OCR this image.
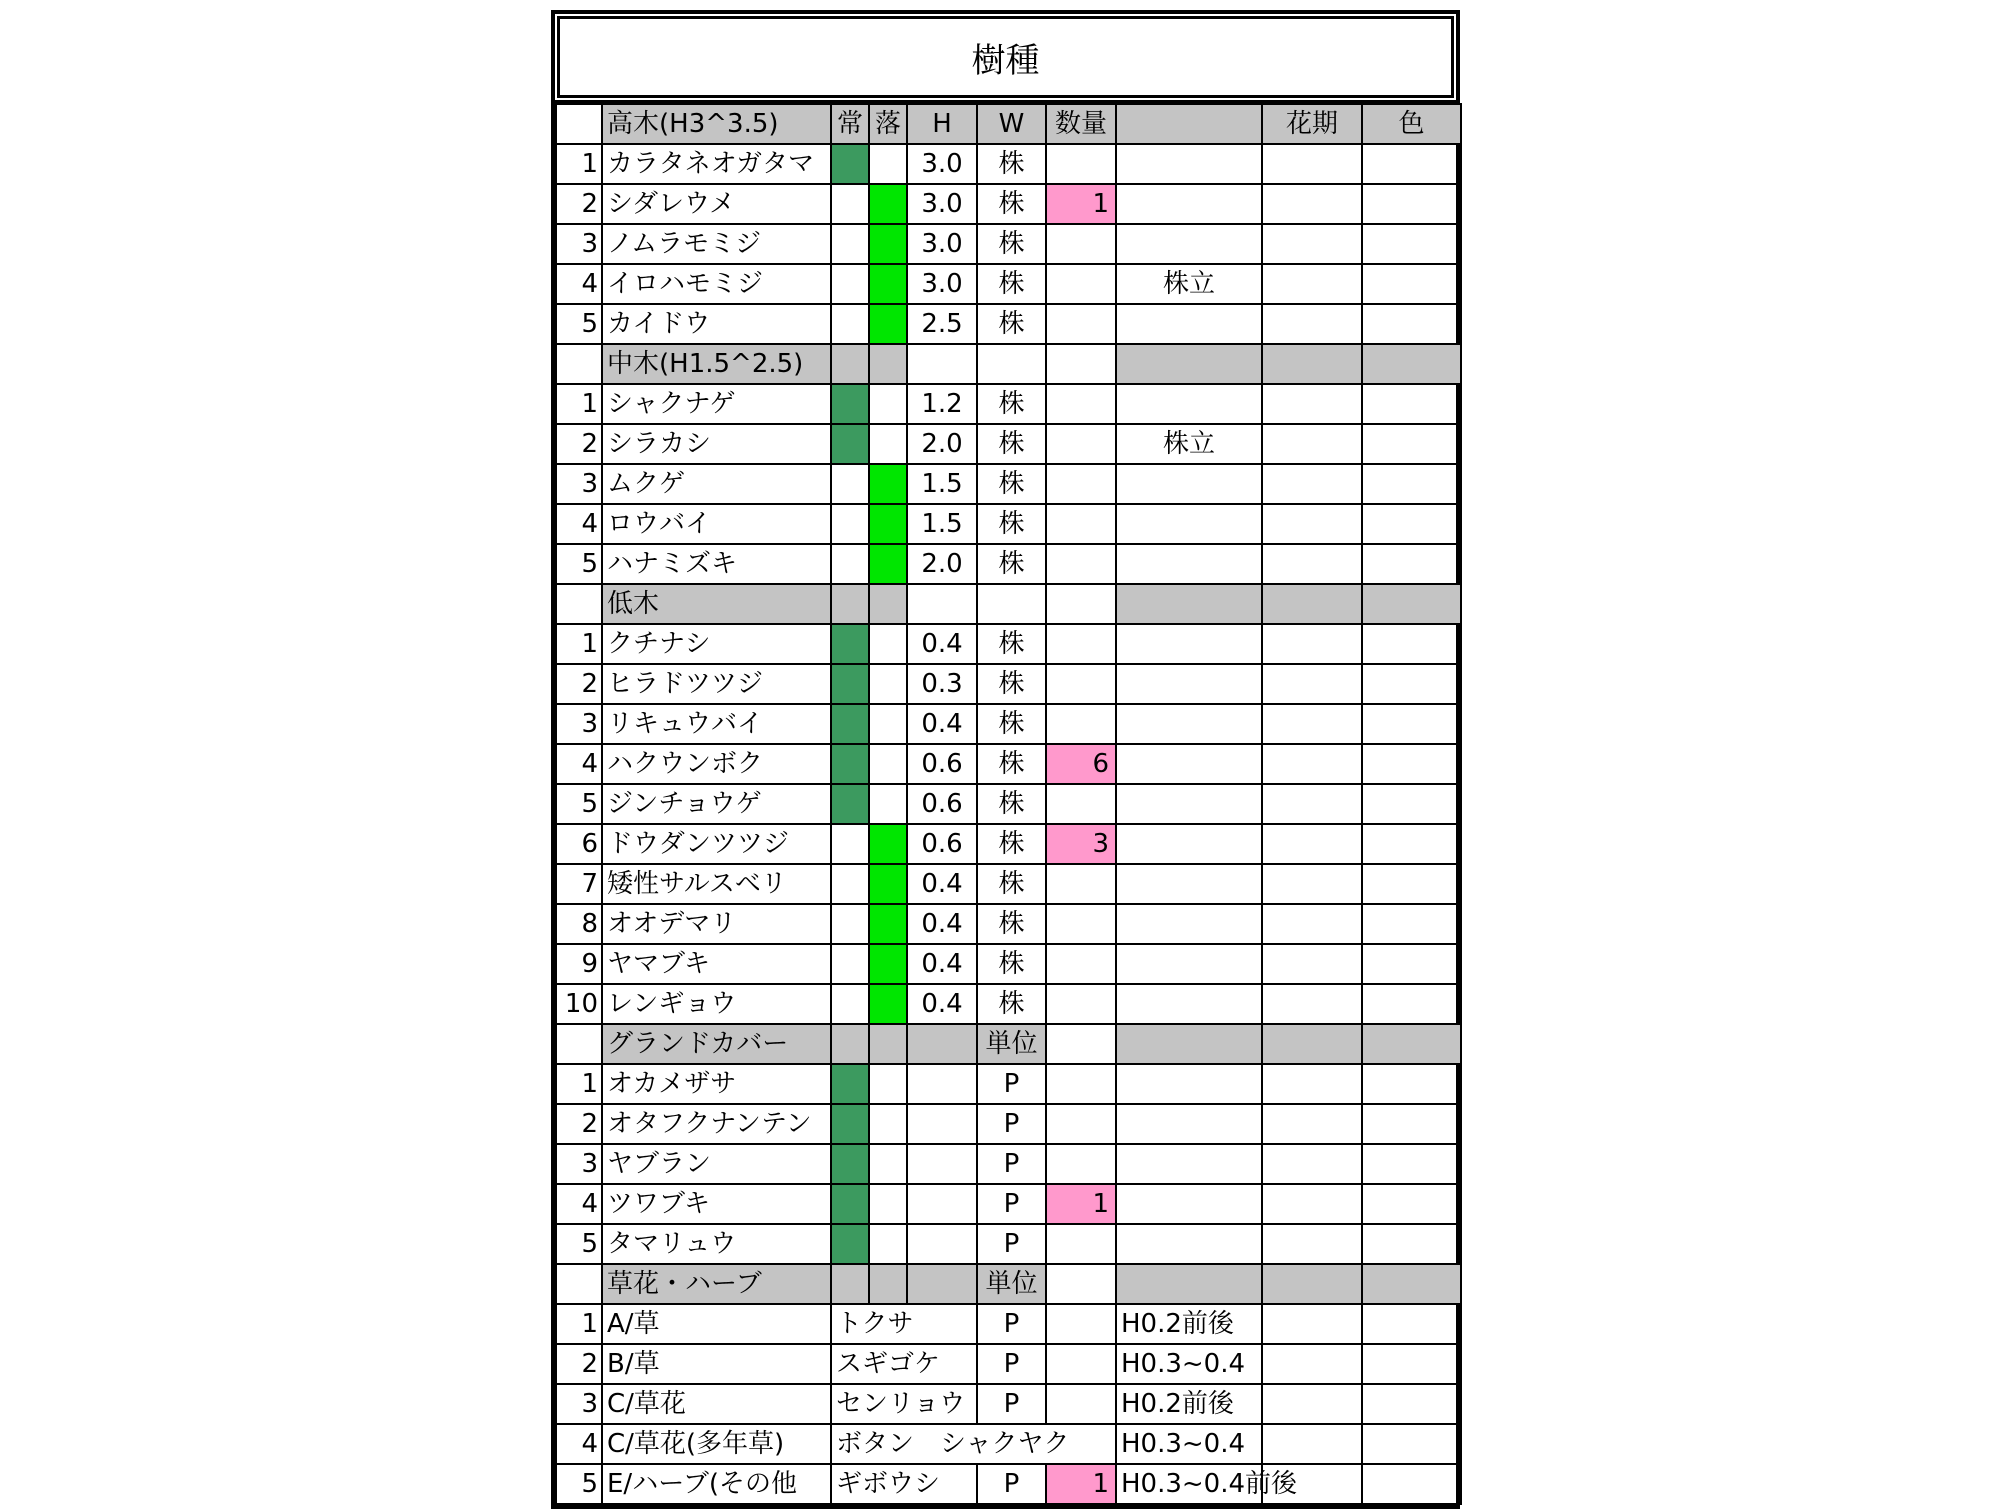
樹種
	高木(H3^3.5)	常	落	H	W	数量		花期	色
1	カラタネオガタマ			3.0	株				
2	シダレウメ			3.0	株	1			
3	ノムラモミジ			3.0	株				
4	イロハモミジ			3.0	株		株立		
5	カイドウ			2.5	株				
	中木(H1.5^2.5)								
1	シャクナゲ			1.2	株				
2	シラカシ			2.0	株		株立		
3	ムクゲ			1.5	株				
4	ロウバイ			1.5	株				
5	ハナミズキ			2.0	株				
	低木								
1	クチナシ			0.4	株				
2	ヒラドツツジ			0.3	株				
3	リキュウバイ			0.4	株				
4	ハクウンボク			0.6	株	6			
5	ジンチョウゲ			0.6	株				
6	ドウダンツツジ			0.6	株	3			
7	矮性サルスベリ			0.4	株				
8	オオデマリ			0.4	株				
9	ヤマブキ			0.4	株				
10	レンギョウ			0.4	株				
	グランドカバー				単位				
1	オカメザサ				P				
2	オタフクナンテン				P				
3	ヤブラン				P				
4	ツワブキ				P	1			
5	タマリュウ				P				
	草花・ハーブ				単位				
1	A/草	トクサ			P		H0.2前後		
2	B/草	スギゴケ			P		H0.3~0.4		
3	C/草花	センリョウ			P		H0.2前後		
4	C/草花(多年草)	ボタン　シャクヤク					H0.3~0.4		
5	E/ハーブ(その他	ギボウシ			P	1	H0.3~0.4前後		
